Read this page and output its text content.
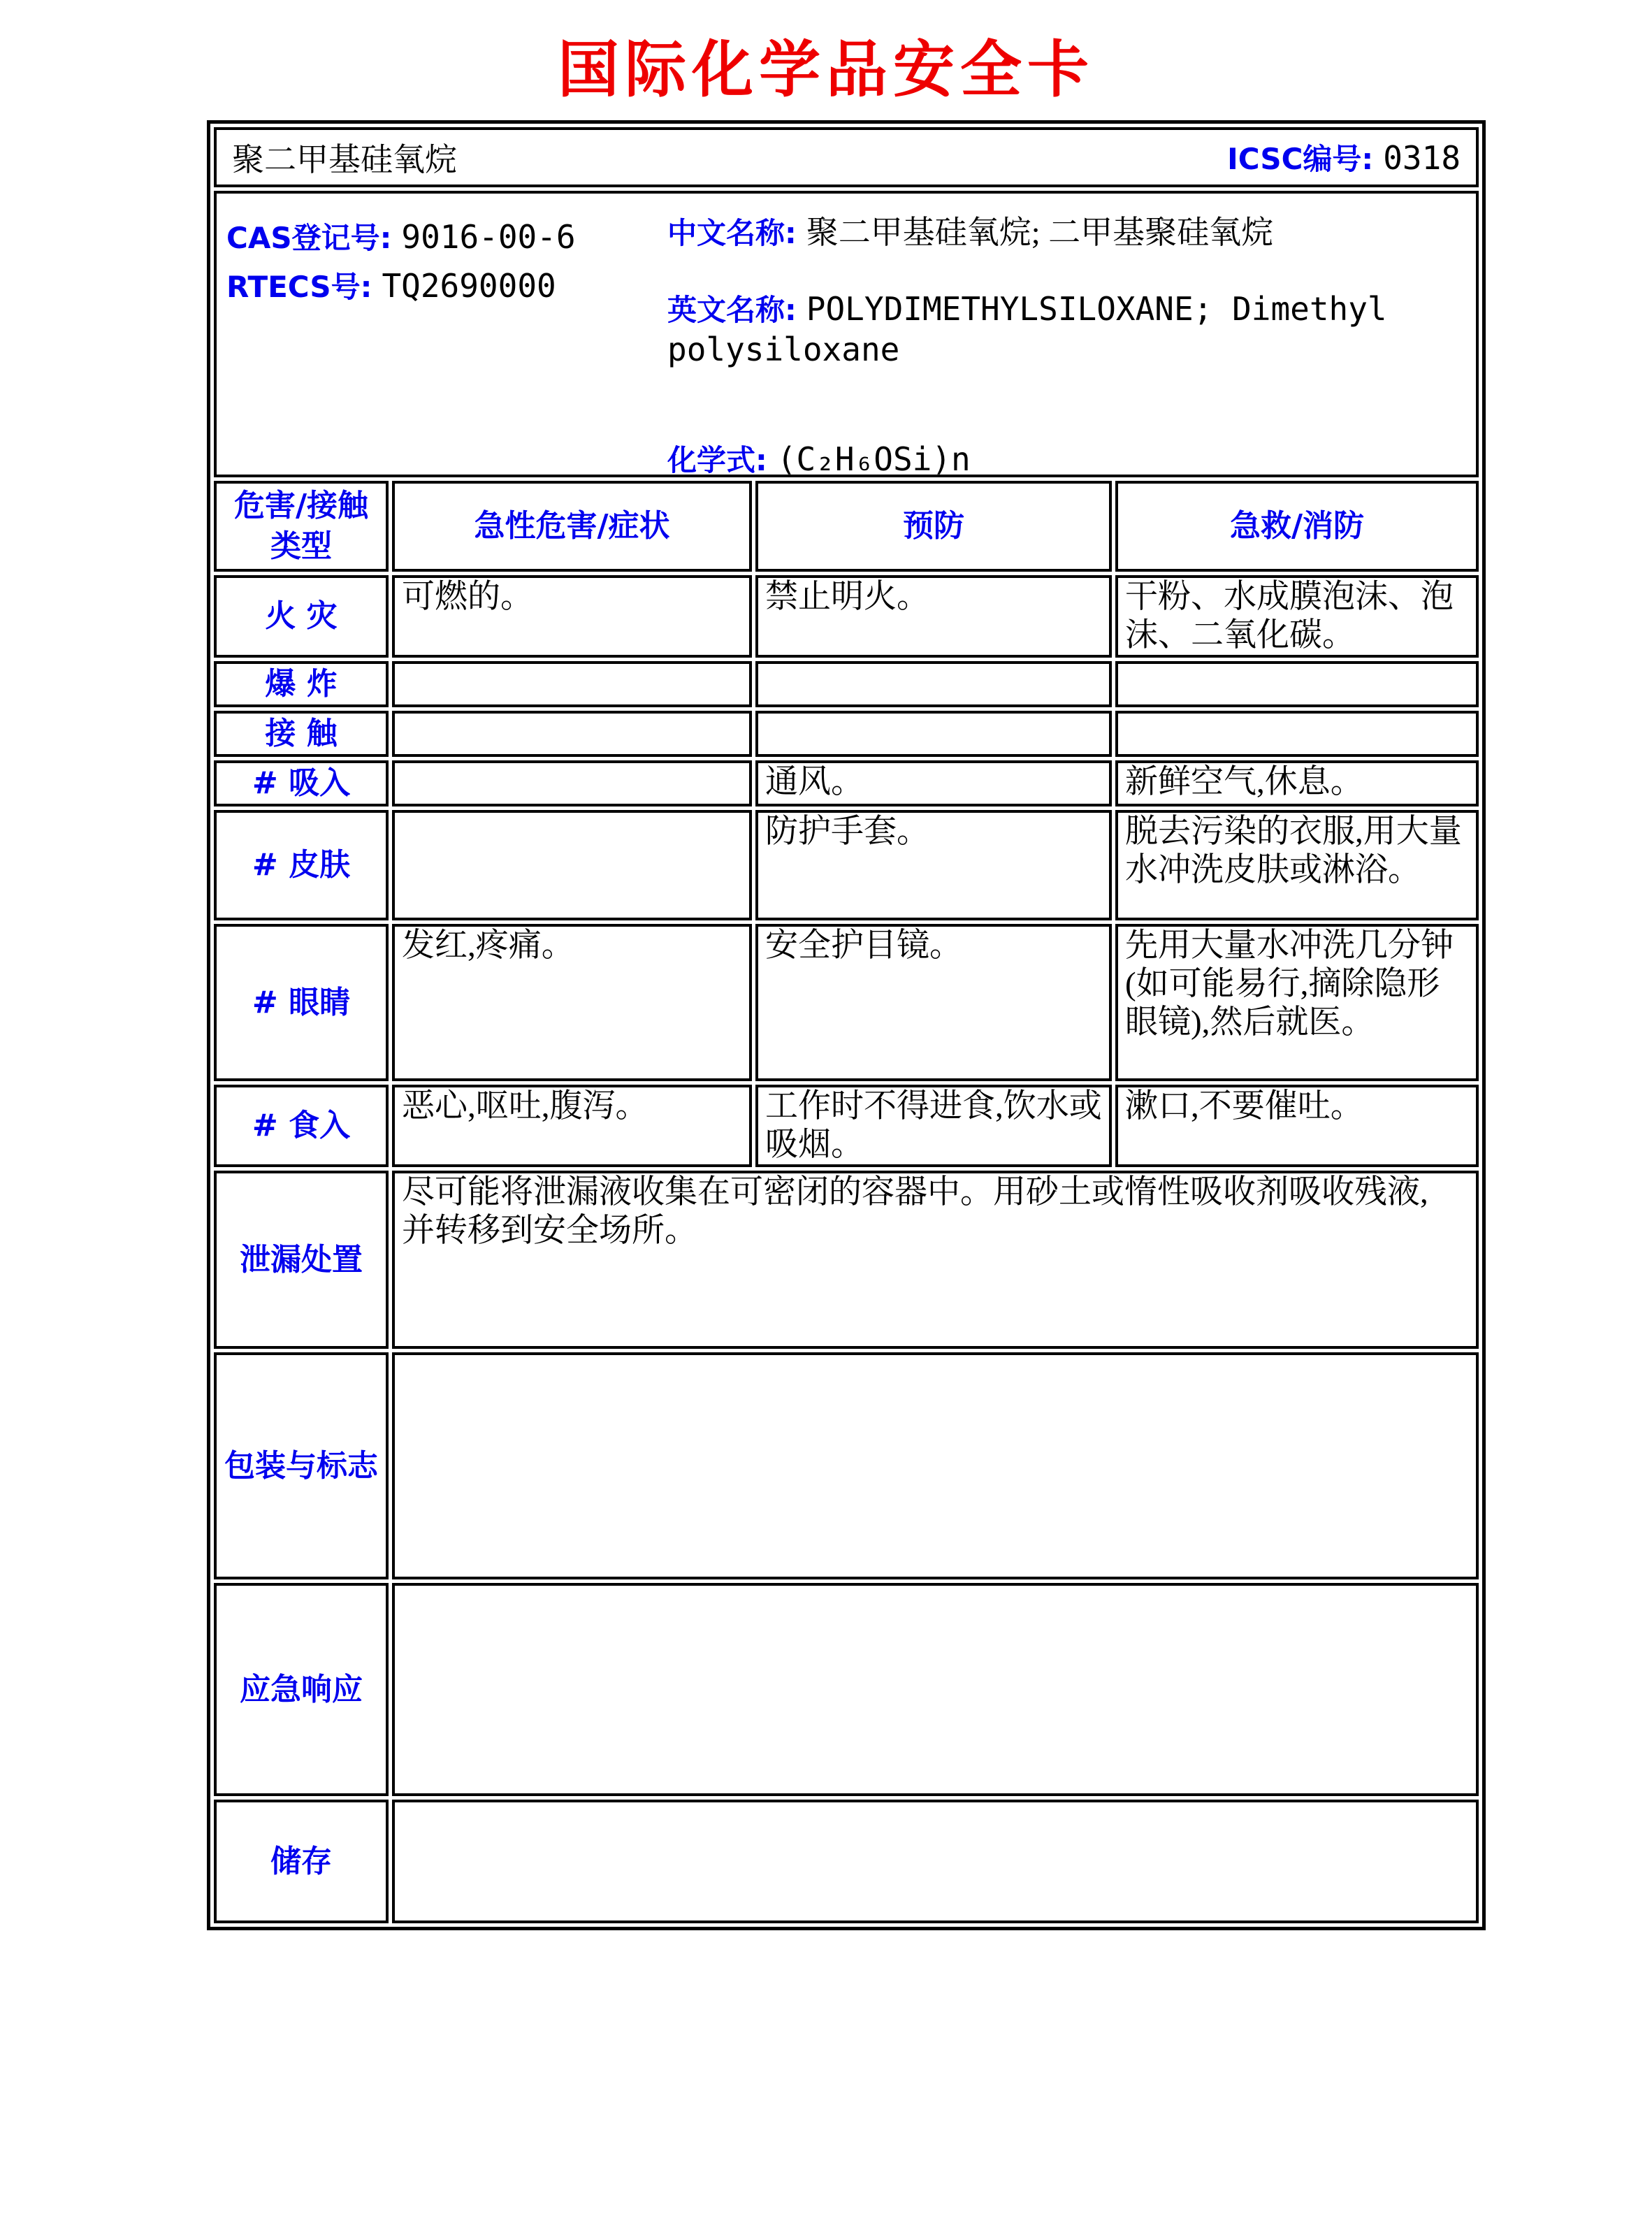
国际化学品安全卡
聚二甲基硅氧烷 ICSC编号: 0318			

CAS登记号: 9016-00-6
RTECS号: TQ2690000
中文名称: 聚二甲基硅氧烷; 二甲基聚硅氧烷
英文名称: POLYDIMETHYLSILOXANE; Dimethyl polysiloxane
化学式: (C₂H₆OSi)n			

危害/接触
类型	急性危害/症状	预防	急救/消防
火 灾	可燃的。	禁止明火。	干粉、水成膜泡沫、泡沫、二氧化碳。
爆 炸			
接 触			
# 吸入		通风。	新鲜空气,休息。
# 皮肤		防护手套。	脱去污染的衣服,用大量水冲洗皮肤或淋浴。
# 眼睛	发红,疼痛。	安全护目镜。	先用大量水冲洗几分钟(如可能易行,摘除隐形眼镜),然后就医。
# 食入	恶心,呕吐,腹泻。	工作时不得进食,饮水或吸烟。	漱口,不要催吐。
泄漏处置	尽可能将泄漏液收集在可密闭的容器中。用砂土或惰性吸收剂吸收残液,并转移到安全场所。		
包装与标志			
应急响应			
储存			
